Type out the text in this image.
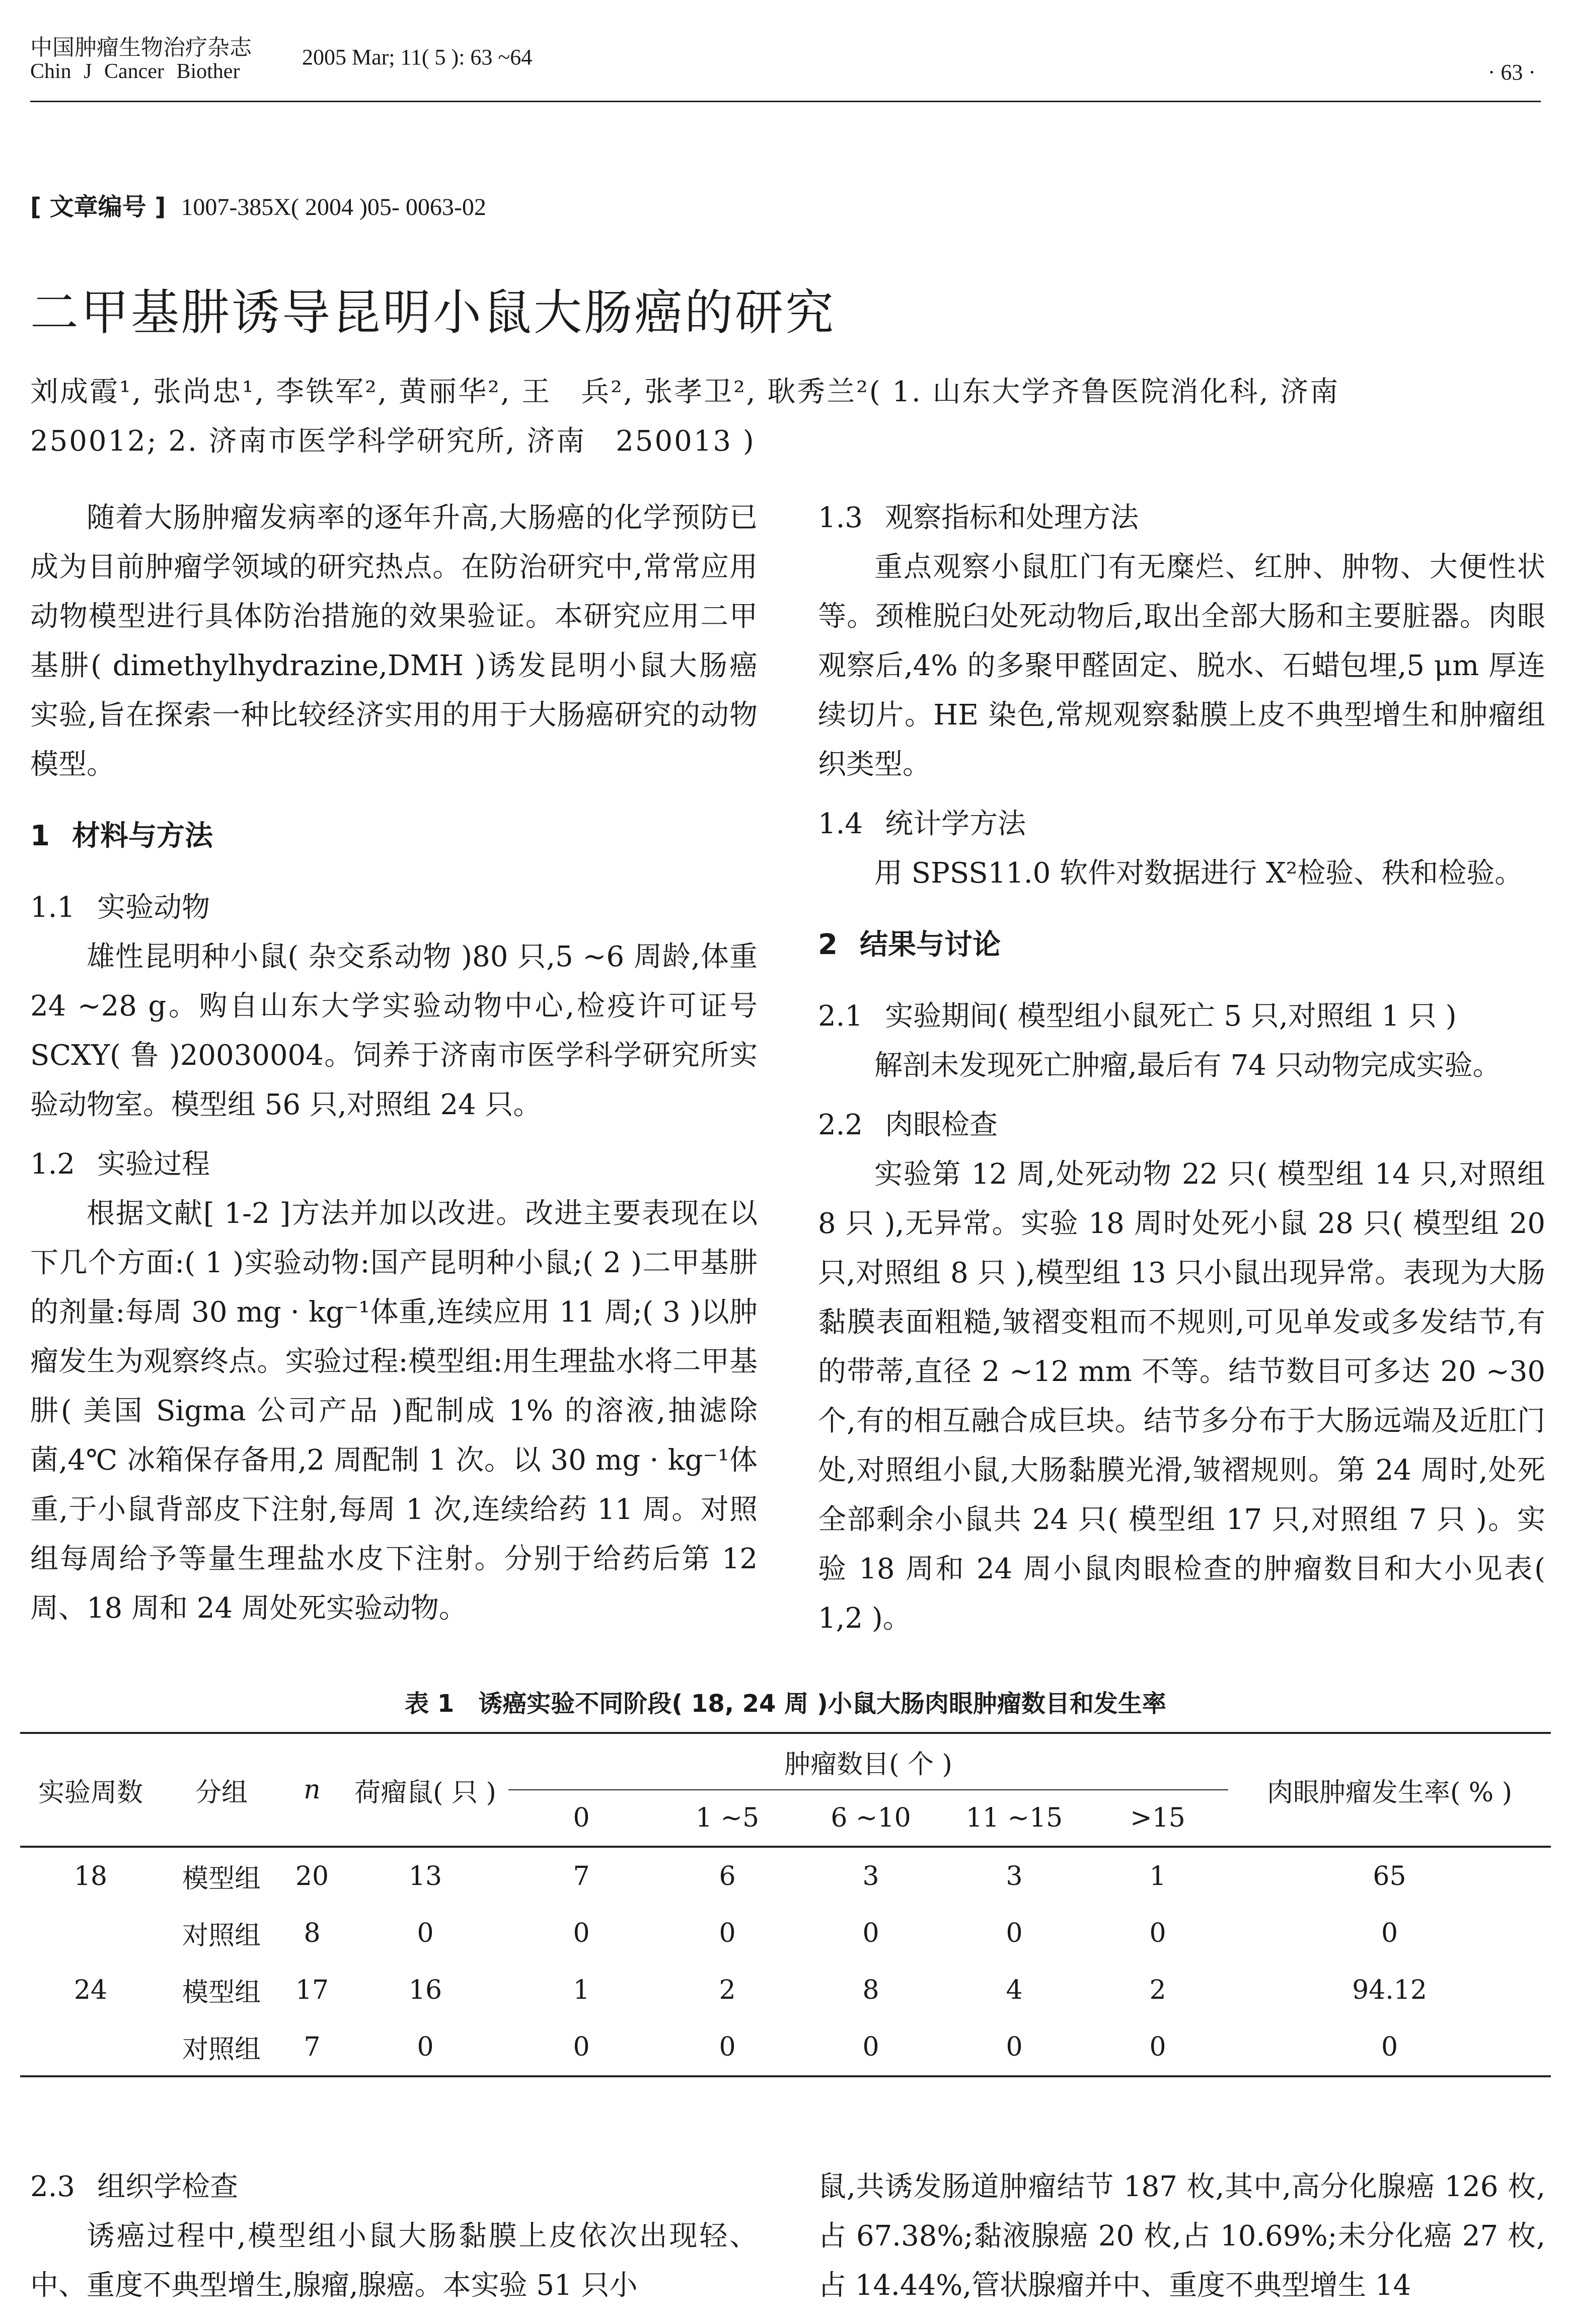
中国肿瘤生物治疗杂志
Chin J Cancer Biother
2005 Mar; 11( 5 ): 63 ~64
· 63 ·
[ 文章编号 ] 1007-385X( 2004 )05- 0063-02
二甲基肼诱导昆明小鼠大肠癌的研究
刘成霞¹, 张尚忠¹, 李铁军², 黄丽华², 王　兵², 张孝卫², 耿秀兰²( 1. 山东大学齐鲁医院消化科, 济南
250012; 2. 济南市医学科学研究所, 济南　250013 )

随着大肠肿瘤发病率的逐年升高,大肠癌的化学预防已成为目前肿瘤学领域的研究热点。在防治研究中,常常应用动物模型进行具体防治措施的效果验证。本研究应用二甲基肼( dimethylhydrazine,DMH )诱发昆明小鼠大肠癌实验,旨在探索一种比较经济实用的用于大肠癌研究的动物模型。

1 材料与方法
1.1 实验动物

雄性昆明种小鼠( 杂交系动物 )80 只,5 ~6 周龄,体重 24 ~28 g。购自山东大学实验动物中心,检疫许可证号 SCXY( 鲁 )20030004。饲养于济南市医学科学研究所实验动物室。模型组 56 只,对照组 24 只。

1.2 实验过程

根据文献[ 1-2 ]方法并加以改进。改进主要表现在以下几个方面:( 1 )实验动物:国产昆明种小鼠;( 2 )二甲基肼的剂量:每周 30 mg · kg⁻¹体重,连续应用 11 周;( 3 )以肿瘤发生为观察终点。实验过程:模型组:用生理盐水将二甲基肼( 美国 Sigma 公司产品 )配制成 1% 的溶液,抽滤除菌,4℃ 冰箱保存备用,2 周配制 1 次。以 30 mg · kg⁻¹体重,于小鼠背部皮下注射,每周 1 次,连续给药 11 周。对照组每周给予等量生理盐水皮下注射。分别于给药后第 12 周、18 周和 24 周处死实验动物。

1.3 观察指标和处理方法

重点观察小鼠肛门有无糜烂、红肿、肿物、大便性状等。颈椎脱臼处死动物后,取出全部大肠和主要脏器。肉眼观察后,4% 的多聚甲醛固定、脱水、石蜡包埋,5 μm 厚连续切片。HE 染色,常规观察黏膜上皮不典型增生和肿瘤组织类型。

1.4 统计学方法

用 SPSS11.0 软件对数据进行 X²检验、秩和检验。

2 结果与讨论
2.1 实验期间( 模型组小鼠死亡 5 只,对照组 1 只 )

解剖未发现死亡肿瘤,最后有 74 只动物完成实验。

2.2 肉眼检查

实验第 12 周,处死动物 22 只( 模型组 14 只,对照组 8 只 ),无异常。实验 18 周时处死小鼠 28 只( 模型组 20 只,对照组 8 只 ),模型组 13 只小鼠出现异常。表现为大肠黏膜表面粗糙,皱褶变粗而不规则,可见单发或多发结节,有的带蒂,直径 2 ~12 mm 不等。结节数目可多达 20 ~30 个,有的相互融合成巨块。结节多分布于大肠远端及近肛门处,对照组小鼠,大肠黏膜光滑,皱褶规则。第 24 周时,处死全部剩余小鼠共 24 只( 模型组 17 只,对照组 7 只 )。实验 18 周和 24 周小鼠肉眼检查的肿瘤数目和大小见表( 1,2 )。

表 1　诱癌实验不同阶段( 18, 24 周 )小鼠大肠肉眼肿瘤数目和发生率
实验周数	分组	n	荷瘤鼠( 只 )	肿瘤数目( 个 )					肉眼肿瘤发生率( % )
				0	1 ~5	6 ~10	11 ~15	>15	
18	模型组	20	13	7	6	3	3	1	65
	对照组	8	0	0	0	0	0	0	0
24	模型组	17	16	1	2	8	4	2	94.12
	对照组	7	0	0	0	0	0	0	0
2.3 组织学检查

诱癌过程中,模型组小鼠大肠黏膜上皮依次出现轻、中、重度不典型增生,腺瘤,腺癌。本实验 51 只小

鼠,共诱发肠道肿瘤结节 187 枚,其中,高分化腺癌 126 枚,占 67.38%;黏液腺癌 20 枚,占 10.69%;未分化癌 27 枚,占 14.44%,管状腺瘤并中、重度不典型增生 14
